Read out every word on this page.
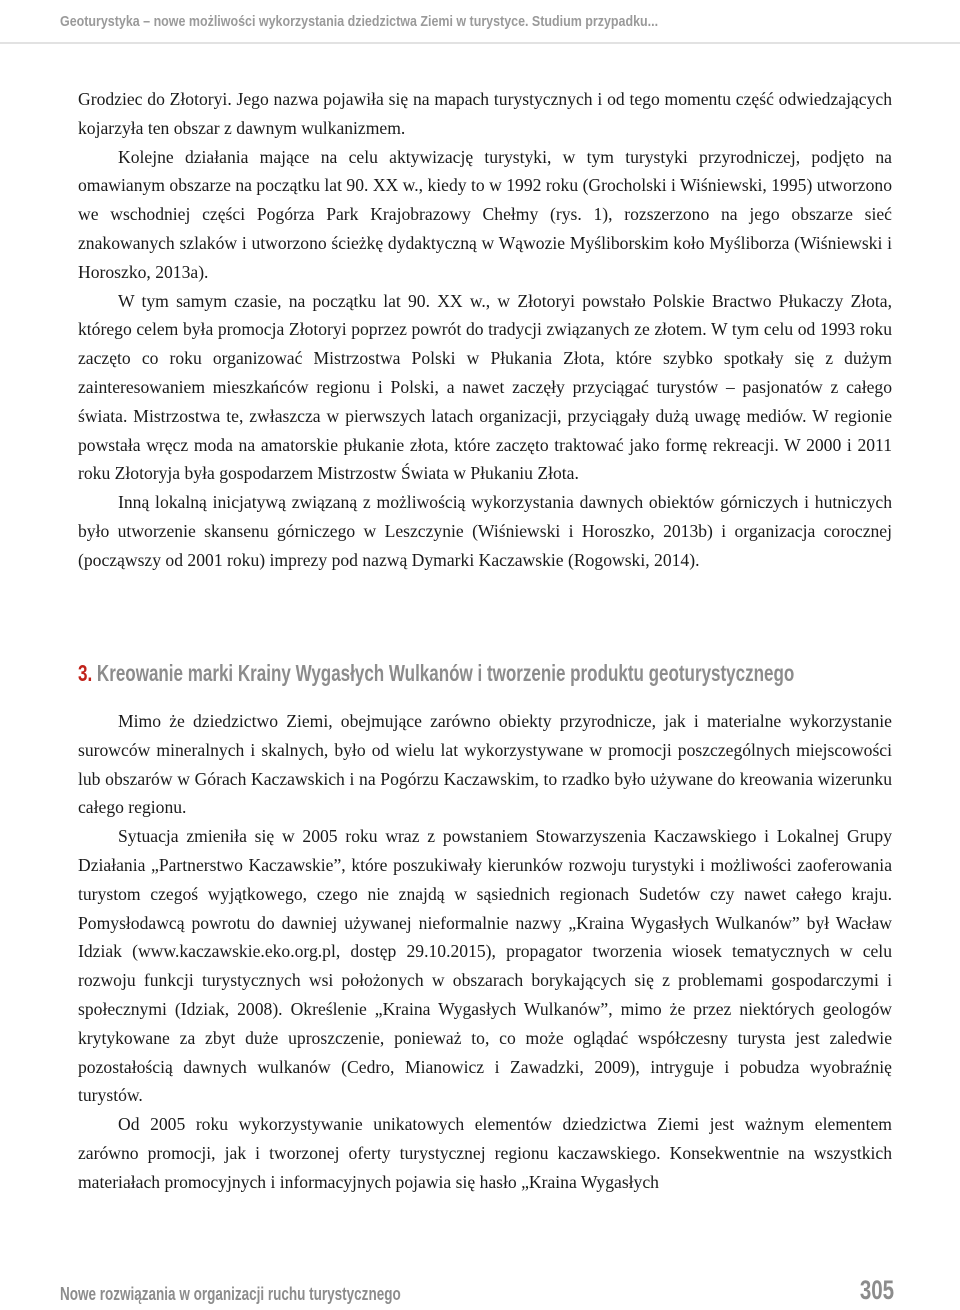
Geoturystyka – nowe możliwości wykorzystania dziedzictwa Ziemi w turystyce. Studium przypadku...

Grodziec do Złotoryi. Jego nazwa pojawiła się na mapach turystycznych i od tego momentu część odwiedzających kojarzyła ten obszar z dawnym wulkanizmem.

Kolejne działania mające na celu aktywizację turystyki, w tym turystyki przyrodniczej, podjęto na omawianym obszarze na początku lat 90. XX w., kiedy to w 1992 roku (Grocholski i Wiśniewski, 1995) utworzono we wschodniej części Pogórza Park Krajobrazowy Chełmy (rys. 1), rozszerzono na jego obszarze sieć znakowanych szlaków i utworzono ścieżkę dydaktyczną w Wąwozie Myśliborskim koło Myśliborza (Wiśniewski i Horoszko, 2013a).

W tym samym czasie, na początku lat 90. XX w., w Złotoryi powstało Polskie Bractwo Płukaczy Złota, którego celem była promocja Złotoryi poprzez powrót do tradycji związanych ze złotem. W tym celu od 1993 roku zaczęto co roku organizować Mistrzostwa Polski w Płukania Złota, które szybko spotkały się z dużym zainteresowaniem mieszkańców regionu i Polski, a nawet zaczęły przyciągać turystów – pasjonatów z całego świata. Mistrzostwa te, zwłaszcza w pierwszych latach organizacji, przyciągały dużą uwagę mediów. W regionie powstała wręcz moda na amatorskie płukanie złota, które zaczęto traktować jako formę rekreacji. W 2000 i 2011 roku Złotoryja była gospodarzem Mistrzostw Świata w Płukaniu Złota.

Inną lokalną inicjatywą związaną z możliwością wykorzystania dawnych obiektów górniczych i hutniczych było utworzenie skansenu górniczego w Leszczynie (Wiśniewski i Horoszko, 2013b) i organizacja corocznej (począwszy od 2001 roku) imprezy pod nazwą Dymarki Kaczawskie (Rogowski, 2014).

3. Kreowanie marki Krainy Wygasłych Wulkanów i tworzenie produktu geoturystycznego

Mimo że dziedzictwo Ziemi, obejmujące zarówno obiekty przyrodnicze, jak i materialne wykorzystanie surowców mineralnych i skalnych, było od wielu lat wykorzystywane w promocji poszczególnych miejscowości lub obszarów w Górach Kaczawskich i na Pogórzu Kaczawskim, to rzadko było używane do kreowania wizerunku całego regionu.

Sytuacja zmieniła się w 2005 roku wraz z powstaniem Stowarzyszenia Kaczawskiego i Lokalnej Grupy Działania „Partnerstwo Kaczawskie”, które poszukiwały kierunków rozwoju turystyki i możliwości zaoferowania turystom czegoś wyjątkowego, czego nie znajdą w sąsiednich regionach Sudetów czy nawet całego kraju. Pomysłodawcą powrotu do dawniej używanej nieformalnie nazwy „Kraina Wygasłych Wulkanów” był Wacław Idziak (www.kaczawskie.eko.org.pl, dostęp 29.10.2015), propagator tworzenia wiosek tematycznych w celu rozwoju funkcji turystycznych wsi położonych w obszarach borykających się z problemami gospodarczymi i społecznymi (Idziak, 2008). Określenie „Kraina Wygasłych Wulkanów”, mimo że przez niektórych geologów krytykowane za zbyt duże uproszczenie, ponieważ to, co może oglądać współczesny turysta jest zaledwie pozostałością dawnych wulkanów (Cedro, Mianowicz i Zawadzki, 2009), intryguje i pobudza wyobraźnię turystów.

Od 2005 roku wykorzystywanie unikatowych elementów dziedzictwa Ziemi jest ważnym elementem zarówno promocji, jak i tworzonej oferty turystycznej regionu kaczawskiego. Konsekwentnie na wszystkich materiałach promocyjnych i informacyjnych pojawia się hasło „Kraina Wygasłych

Nowe rozwiązania w organizacji ruchu turystycznego	305
